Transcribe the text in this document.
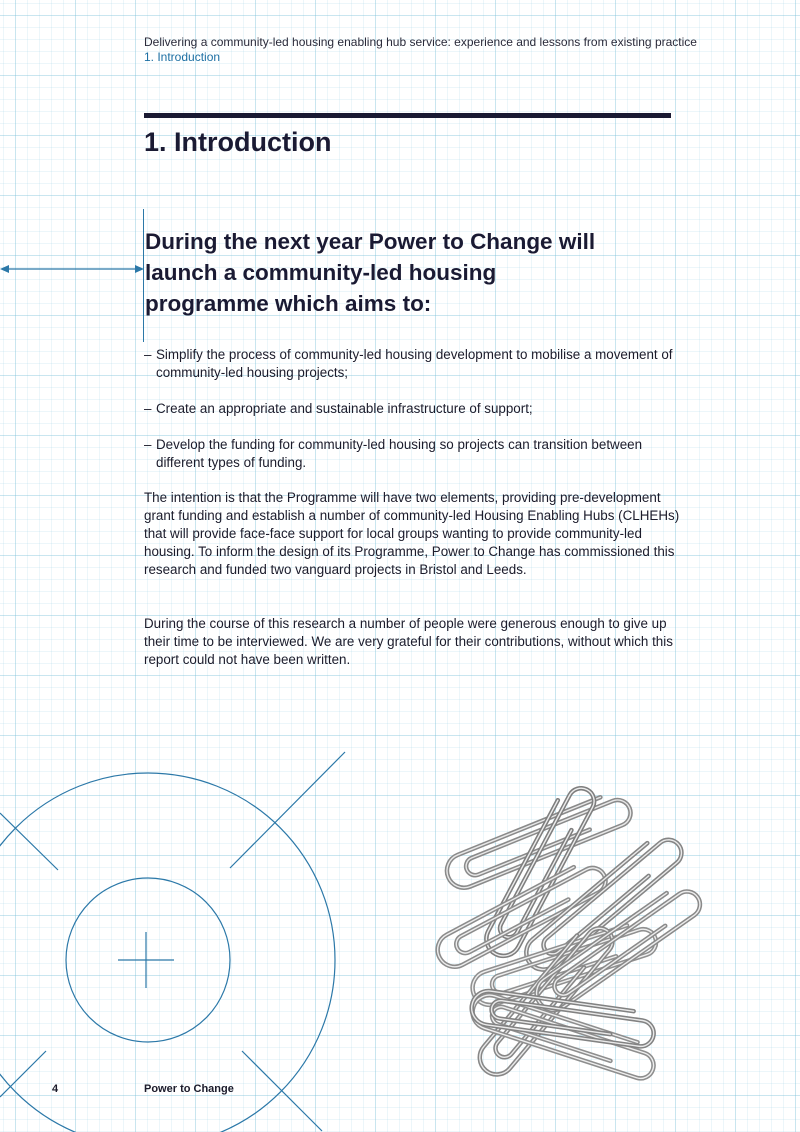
Delivering a community-led housing enabling hub service: experience and lessons from existing practice
1. Introduction
1. Introduction
During the next year Power to Change will launch a community-led housing programme which aims to:
– Simplify the process of community-led housing development to mobilise a movement of community-led housing projects;
– Create an appropriate and sustainable infrastructure of support;
– Develop the funding for community-led housing so projects can transition between different types of funding.

The intention is that the Programme will have two elements, providing pre-development grant funding and establish a number of community-led Housing Enabling Hubs (CLHEHs) that will provide face-face support for local groups wanting to provide community-led housing. To inform the design of its Programme, Power to Change has commissioned this research and funded two vanguard projects in Bristol and Leeds.

During the course of this research a number of people were generous enough to give up their time to be interviewed. We are very grateful for their contributions, without which this report could not have been written.

4	Power to Change
